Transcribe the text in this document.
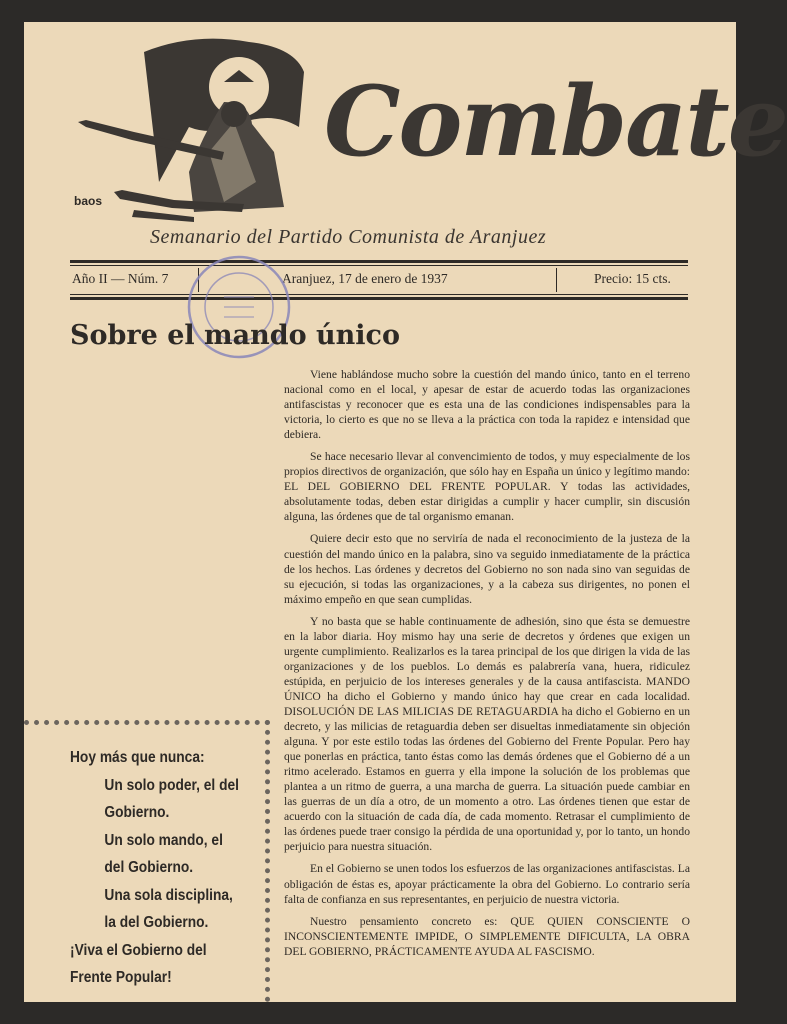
baos
Combate
Semanario del Partido Comunista de Aranjuez
Año II — Núm. 7	Aranjuez, 17 de enero de 1937	Precio: 15 cts.
Sobre el mando único

Viene hablándose mucho sobre la cuestión del mando único, tanto en el terreno nacional como en el local, y apesar de estar de acuerdo todas las organizaciones antifascistas y reconocer que es esta una de las condiciones indispensables para la victoria, lo cierto es que no se lleva a la práctica con toda la rapidez e intensidad que debiera.

Se hace necesario llevar al convencimiento de todos, y muy especialmente de los propios directivos de organización, que sólo hay en España un único y legítimo mando: EL DEL GOBIERNO DEL FRENTE POPULAR. Y todas las actividades, absolutamente todas, deben estar dirigidas a cumplir y hacer cumplir, sin discusión alguna, las órdenes que de tal organismo emanan.

Quiere decir esto que no serviría de nada el reconocimiento de la justeza de la cuestión del mando único en la palabra, sino va seguido inmediatamente de la práctica de los hechos. Las órdenes y decretos del Gobierno no son nada sino van seguidas de su ejecución, si todas las organizaciones, y a la cabeza sus dirigentes, no ponen el máximo empeño en que sean cumplidas.

Y no basta que se hable continuamente de adhesión, sino que ésta se demuestre en la labor diaria. Hoy mismo hay una serie de decretos y órdenes que exigen un urgente cumplimiento. Realizarlos es la tarea principal de los que dirigen la vida de las organizaciones y de los pueblos. Lo demás es palabrería vana, huera, ridiculez estúpida, en perjuicio de los intereses generales y de la causa antifascista. MANDO ÚNICO ha dicho el Gobierno y mando único hay que crear en cada localidad. DISOLUCIÓN DE LAS MILICIAS DE RETAGUARDIA ha dicho el Gobierno en un decreto, y las milicias de retaguardia deben ser disueltas inmediatamente sin objeción alguna. Y por este estilo todas las órdenes del Gobierno del Frente Popular. Pero hay que ponerlas en práctica, tanto éstas como las demás órdenes que el Gobierno dé a un ritmo acelerado. Estamos en guerra y ella impone la solución de los problemas que plantea a un ritmo de guerra, a una marcha de guerra. La situación puede cambiar en las guerras de un día a otro, de un momento a otro. Las órdenes tienen que estar de acuerdo con la situación de cada día, de cada momento. Retrasar el cumplimiento de las órdenes puede traer consigo la pérdida de una oportunidad y, por lo tanto, un hondo perjuicio para nuestra situación.

En el Gobierno se unen todos los esfuerzos de las organizaciones antifascistas. La obligación de éstas es, apoyar prácticamente la obra del Gobierno. Lo contrario sería falta de confianza en sus representantes, en perjuicio de nuestra victoria.

Nuestro pensamiento concreto es: QUE QUIEN CONSCIENTE O INCONSCIENTEMENTE IMPIDE, O SIMPLEMENTE DIFICULTA, LA OBRA DEL GOBIERNO, PRÁCTICAMENTE AYUDA AL FASCISMO.

Hoy más que nunca:
Un solo poder, el del
Gobierno.
Un solo mando, el
del Gobierno.
Una sola disciplina,
la del Gobierno.
¡Viva el Gobierno del
Frente Popular!
